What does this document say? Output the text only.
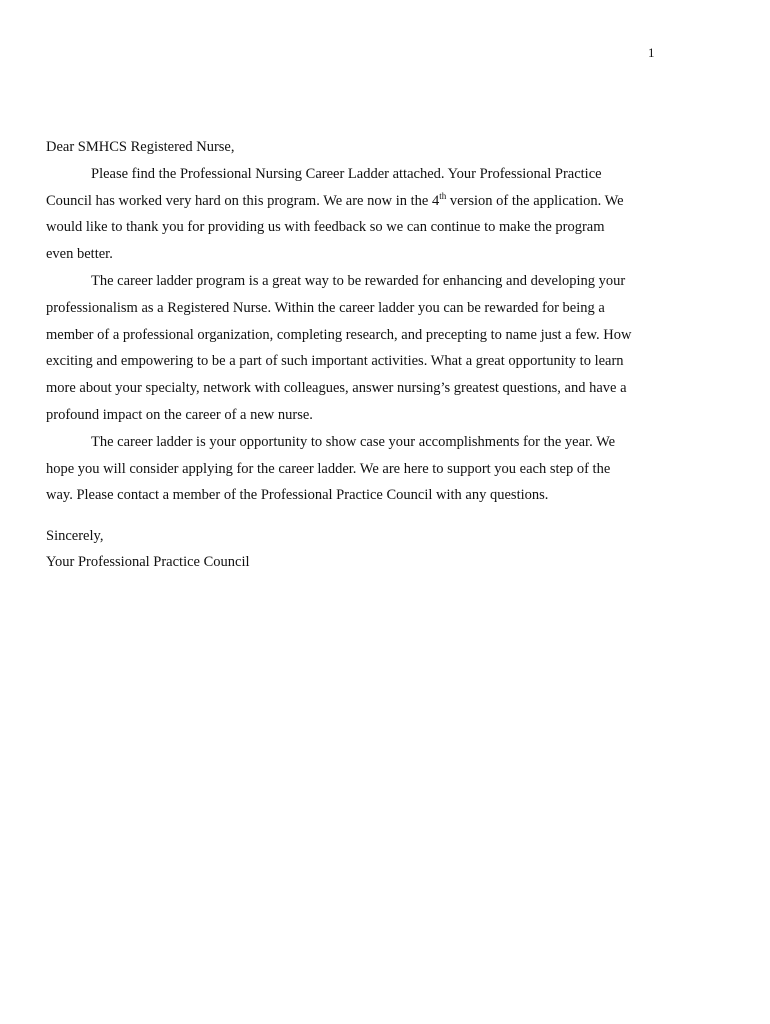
1

Dear SMHCS Registered Nurse,

Please find the Professional Nursing Career Ladder attached. Your Professional Practice
Council has worked very hard on this program. We are now in the 4th version of the application. We
would like to thank you for providing us with feedback so we can continue to make the program
even better.

The career ladder program is a great way to be rewarded for enhancing and developing your
professionalism as a Registered Nurse. Within the career ladder you can be rewarded for being a
member of a professional organization, completing research, and precepting to name just a few. How
exciting and empowering to be a part of such important activities. What a great opportunity to learn
more about your specialty, network with colleagues, answer nursing’s greatest questions, and have a
profound impact on the career of a new nurse.

The career ladder is your opportunity to show case your accomplishments for the year. We
hope you will consider applying for the career ladder. We are here to support you each step of the
way. Please contact a member of the Professional Practice Council with any questions.

Sincerely,
Your Professional Practice Council
